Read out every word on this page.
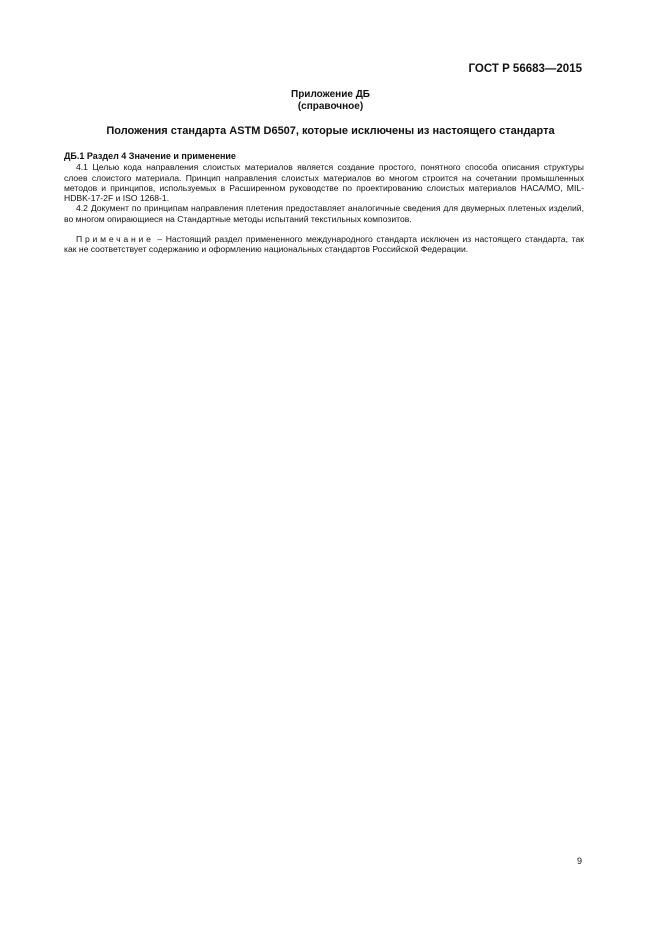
ГОСТ Р 56683—2015
Приложение ДБ
(справочное)
Положения стандарта ASTM D6507, которые исключены из настоящего стандарта

ДБ.1 Раздел 4 Значение и применение

4.1 Целью кода направления слоистых материалов является создание простого, понятного способа описания структуры слоев слоистого материала. Принцип направления слоистых материалов во многом строится на сочетании промышленных методов и принципов, используемых в Расширенном руководстве по проектированию слоистых материалов НАСА/МО, MIL-HDBK-17-2F и ISO 1268-1.

4.2 Документ по принципам направления плетения предоставляет аналогичные сведения для двумерных плетеных изделий, во многом опирающиеся на Стандартные методы испытаний текстильных композитов.

Примечание – Настоящий раздел примененного международного стандарта исключен из настоящего стандарта, так как не соответствует содержанию и оформлению национальных стандартов Российской Федерации.

9
